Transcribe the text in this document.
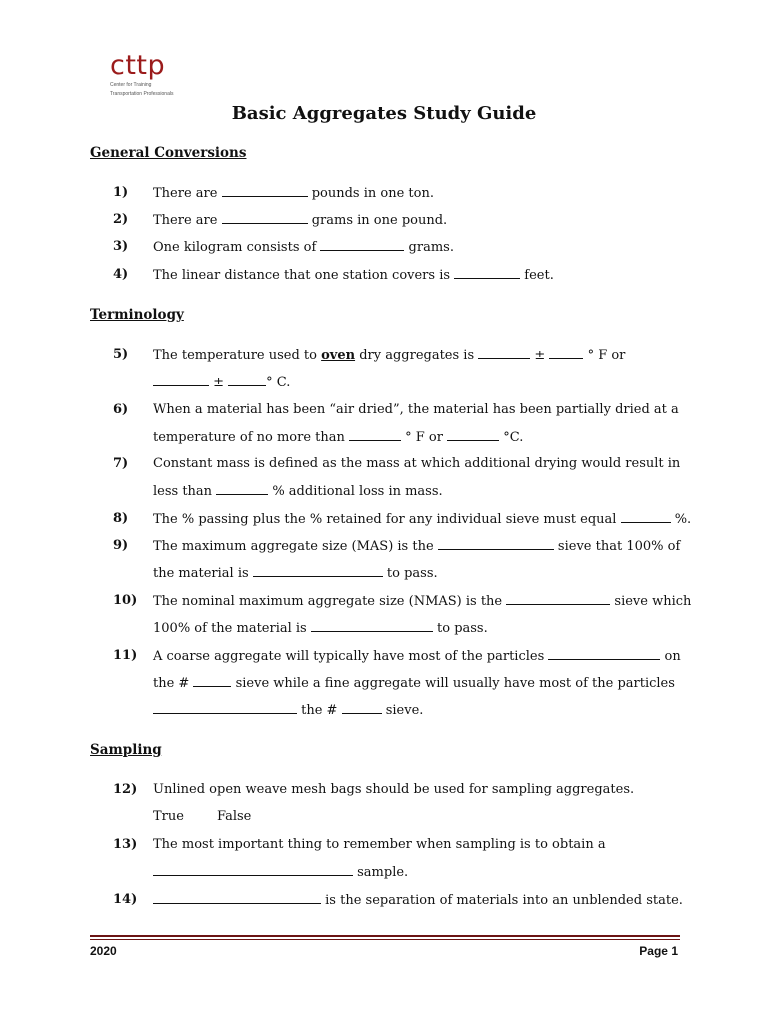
cttp
Center for Training
Transportation Professionals
Basic Aggregates Study Guide
General Conversions
1) There are	pounds in one ton.
2) There are	grams in one pound.
3) One kilogram consists of	grams.
4) The linear distance that one station covers is	feet.
Terminology
5) The temperature used to oven dry aggregates is	±	° F or
±	° C.
6) When a material has been “air dried”, the material has been partially dried at a
temperature of no more than	° F or	°C.
7) Constant mass is defined as the mass at which additional drying would result in
less than	% additional loss in mass.
8) The % passing plus the % retained for any individual sieve must equal	%.
9) The maximum aggregate size (MAS) is the	sieve that 100% of
the material is	to pass.
10) The nominal maximum aggregate size (NMAS) is the	sieve which
100% of the material is	to pass.
11) A coarse aggregate will typically have most of the particles	on
the #	sieve while a fine aggregate will usually have most of the particles
the #	sieve.
Sampling
12) Unlined open weave mesh bags should be used for sampling aggregates.
True	False
13) The most important thing to remember when sampling is to obtain a
sample.
14)	is the separation of materials into an unblended state.
2020	Page 1
